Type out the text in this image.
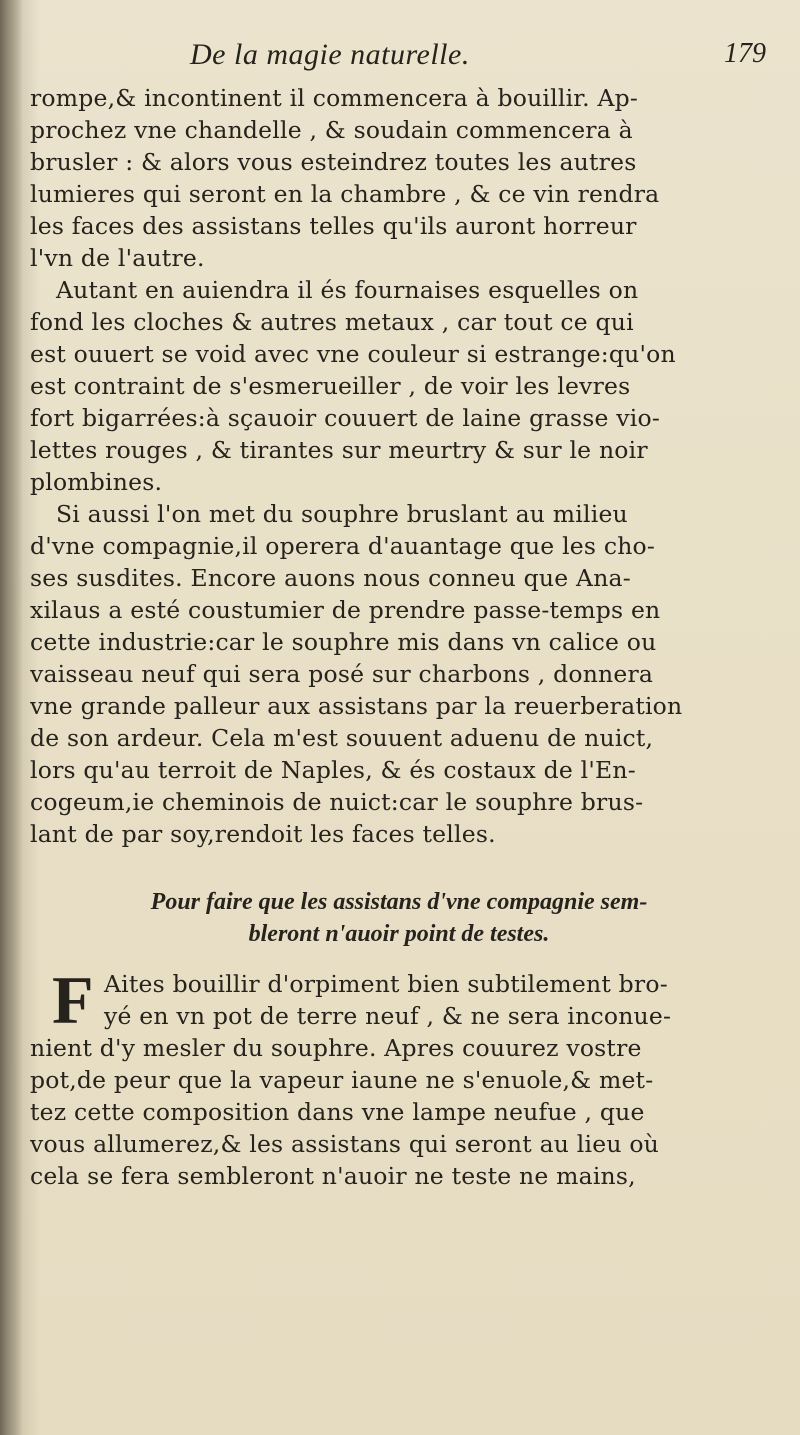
De la magie naturelle.	179
rompe,& incontinent il commencera à bouillir. Ap-
prochez vne chandelle , & soudain commencera à
brusler : & alors vous esteindrez toutes les autres
lumieres qui seront en la chambre , & ce vin rendra
les faces des assistans telles qu'ils auront horreur
l'vn de l'autre.
Autant en auiendra il és fournaises esquelles on
fond les cloches & autres metaux , car tout ce qui
est ouuert se void avec vne couleur si estrange:qu'on
est contraint de s'esmerueiller , de voir les levres
fort bigarrées:à sçauoir couuert de laine grasse vio-
lettes rouges , & tirantes sur meurtry & sur le noir
plombines.
Si aussi l'on met du souphre bruslant au milieu
d'vne compagnie,il operera d'auantage que les cho-
ses susdites. Encore auons nous conneu que Ana-
xilaus a esté coustumier de prendre passe-temps en
cette industrie:car le souphre mis dans vn calice ou
vaisseau neuf qui sera posé sur charbons , donnera
vne grande palleur aux assistans par la reuerberation
de son ardeur. Cela m'est souuent aduenu de nuict,
lors qu'au terroit de Naples, & és costaux de l'En-
cogeum,ie cheminois de nuict:car le souphre brus-
lant de par soy,rendoit les faces telles.
Pour faire que les assistans d'vne compagnie sem-
bleront n'auoir point de testes.
F Aites bouillir d'orpiment bien subtilement bro-
yé en vn pot de terre neuf , & ne sera inconue-
nient d'y mesler du souphre. Apres couurez vostre
pot,de peur que la vapeur iaune ne s'enuole,& met-
tez cette composition dans vne lampe neufue , que
vous allumerez,& les assistans qui seront au lieu où
cela se fera sembleront n'auoir ne teste ne mains,
